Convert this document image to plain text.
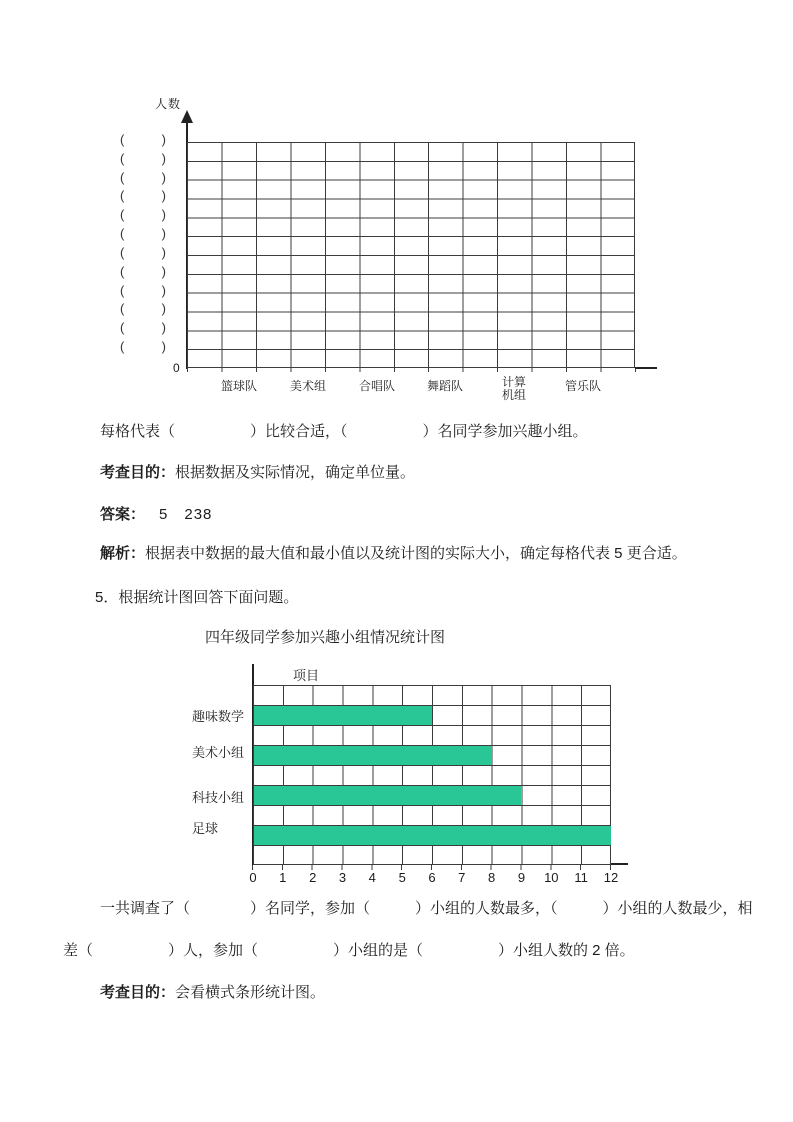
人数
(	)
(	)
(	)
(	)
(	)
(	)
(	)
(	)
(	)
(	)
(	)
(	)
0
篮球队	美术组	合唱队	舞蹈队	计算机组
管乐队
每格代表（　　　　　）比较合适，（　　　　　）名同学参加兴趣小组。
考查目的：根据数据及实际情况，确定单位量。
答案： 5　238
解析：根据表中数据的最大值和最小值以及统计图的实际大小，确定每格代表 5 更合适。
5．根据统计图回答下面问题。
四年级同学参加兴趣小组情况统计图
项目
趣味数学
美术小组
科技小组
足球
0 1 2 3 4 5 6 7 8 9 10 11 12
一共调查了（　　　　）名同学，参加（　　　）小组的人数最多，（　　　）小组的人数最少，相
差（　　　　　）人，参加（　　　　　）小组的是（　　　　　）小组人数的 2 倍。
考查目的：会看横式条形统计图。
